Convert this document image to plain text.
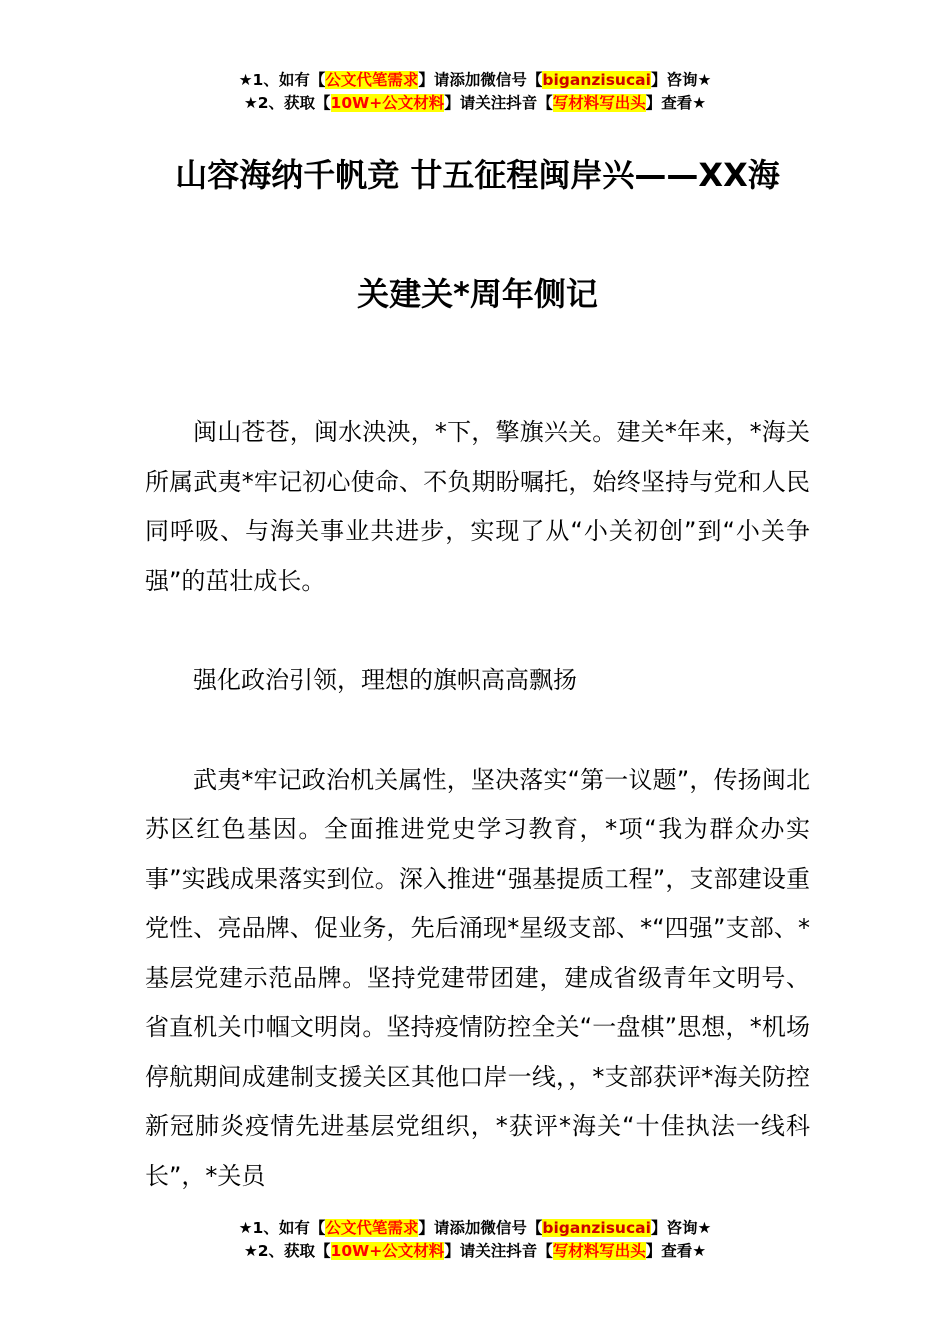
★1、如有【公文代笔需求】请添加微信号【biganzisucai】咨询★
★2、获取【10W+公文材料】请关注抖音【写材料写出头】查看★
山容海纳千帆竞 廿五征程闽岸兴——XX海
关建关*周年侧记

闽山苍苍，闽水泱泱，*下，擎旗兴关。建关*年来，*海关所属武夷*牢记初心使命、不负期盼嘱托，始终坚持与党和人民同呼吸、与海关事业共进步，实现了从“小关初创”到“小关争强”的茁壮成长。

强化政治引领，理想的旗帜高高飘扬

武夷*牢记政治机关属性，坚决落实“第一议题”，传扬闽北苏区红色基因。全面推进党史学习教育，*项“我为群众办实事”实践成果落实到位。深入推进“强基提质工程”，支部建设重党性、亮品牌、促业务，先后涌现*星级支部、*“四强”支部、*基层党建示范品牌。坚持党建带团建，建成省级青年文明号、省直机关巾帼文明岗。坚持疫情防控全关“一盘棋”思想，*机场停航期间成建制支援关区其他口岸一线，，*支部获评*海关防控新冠肺炎疫情先进基层党组织，*获评*海关“十佳执法一线科长”，*关员

★1、如有【公文代笔需求】请添加微信号【biganzisucai】咨询★
★2、获取【10W+公文材料】请关注抖音【写材料写出头】查看★
